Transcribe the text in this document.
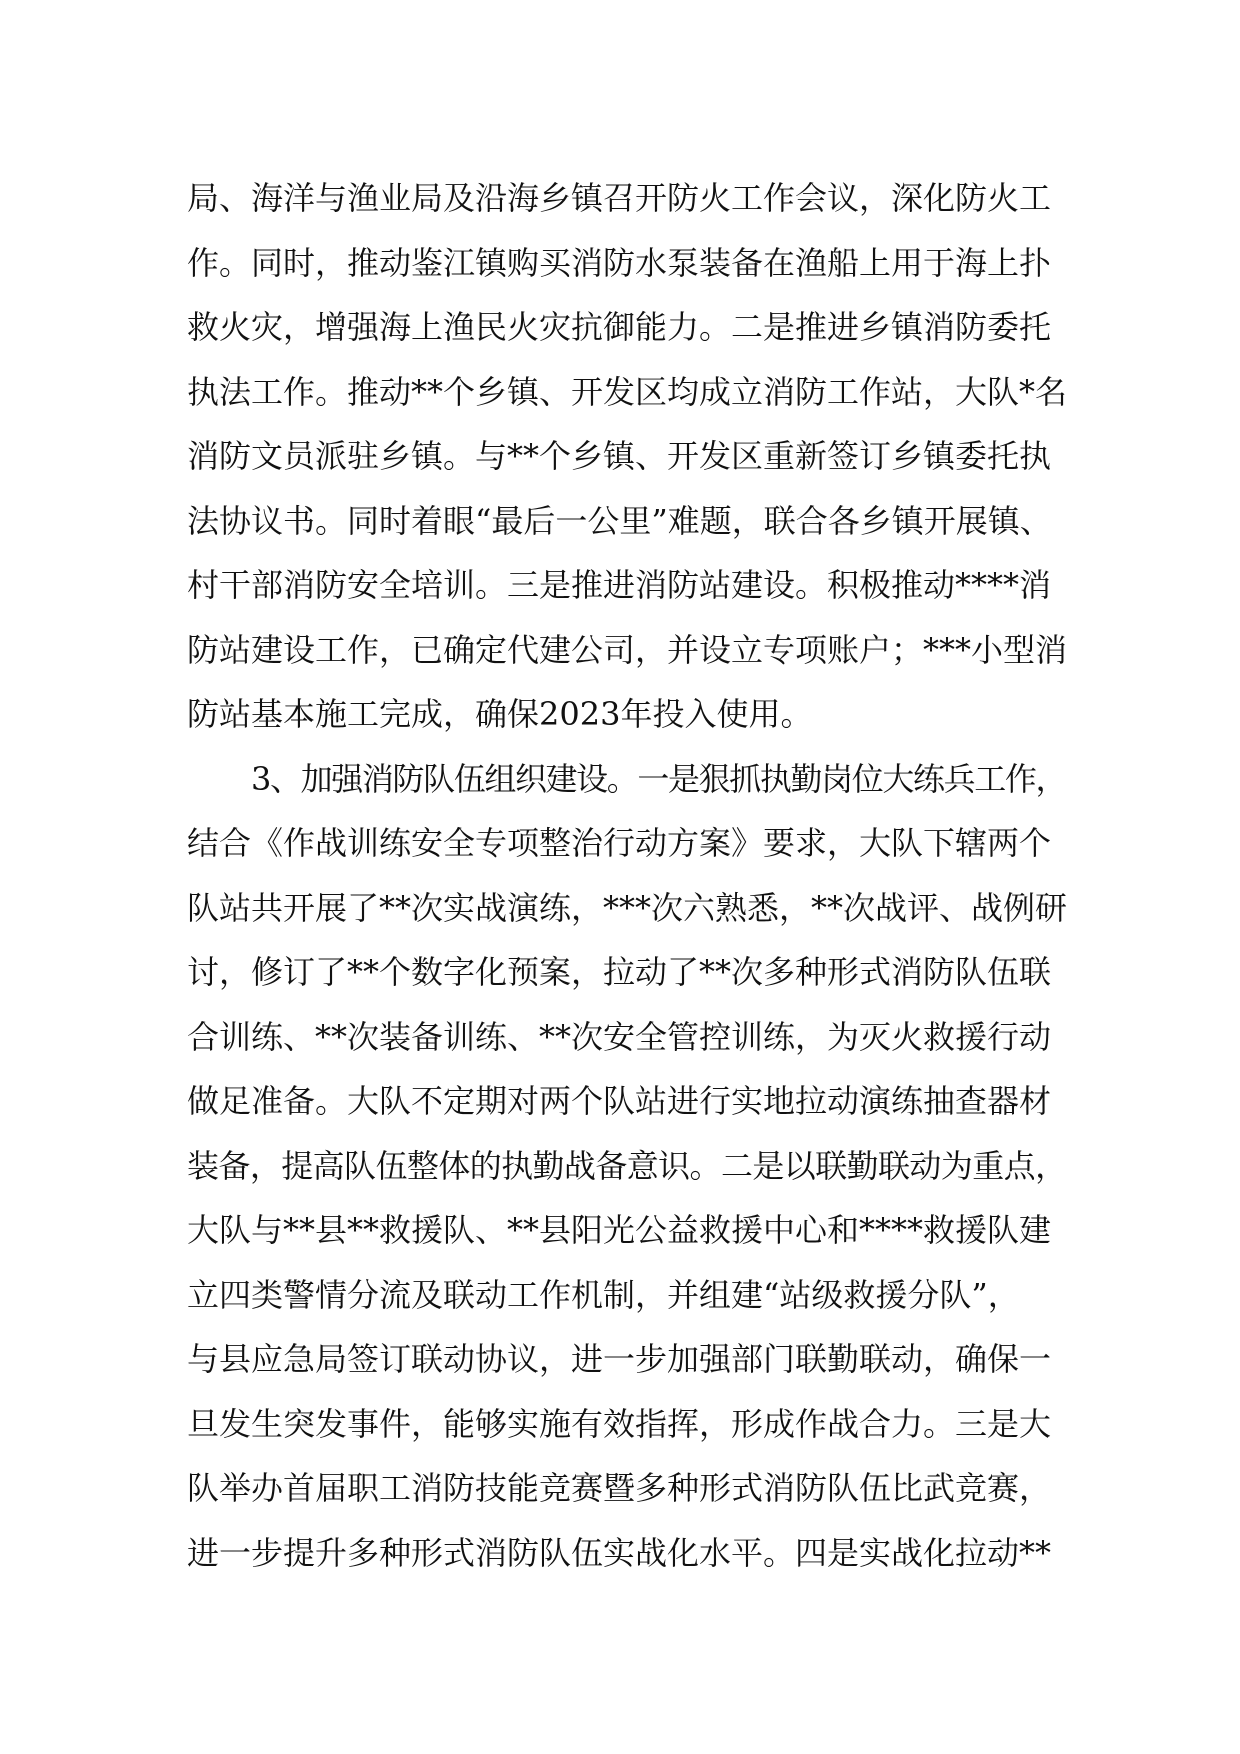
局、海洋与渔业局及沿海乡镇召开防火工作会议，深化防火工
作。同时，推动鉴江镇购买消防水泵装备在渔船上用于海上扑
救火灾，增强海上渔民火灾抗御能力。二是推进乡镇消防委托
执法工作。推动**个乡镇、开发区均成立消防工作站，大队*名
消防文员派驻乡镇。与**个乡镇、开发区重新签订乡镇委托执
法协议书。同时着眼“最后一公里”难题，联合各乡镇开展镇、
村干部消防安全培训。三是推进消防站建设。积极推动****消
防站建设工作，已确定代建公司，并设立专项账户；***小型消
防站基本施工完成，确保2023年投入使用。
3、加强消防队伍组织建设。一是狠抓执勤岗位大练兵工作，
结合《作战训练安全专项整治行动方案》要求，大队下辖两个
队站共开展了**次实战演练，***次六熟悉，**次战评、战例研
讨，修订了**个数字化预案，拉动了**次多种形式消防队伍联
合训练、**次装备训练、**次安全管控训练，为灭火救援行动
做足准备。大队不定期对两个队站进行实地拉动演练抽查器材
装备，提高队伍整体的执勤战备意识。二是以联勤联动为重点，
大队与**县**救援队、**县阳光公益救援中心和****救援队建
立四类警情分流及联动工作机制，并组建“站级救援分队”，
与县应急局签订联动协议，进一步加强部门联勤联动，确保一
旦发生突发事件，能够实施有效指挥，形成作战合力。三是大
队举办首届职工消防技能竞赛暨多种形式消防队伍比武竞赛，
进一步提升多种形式消防队伍实战化水平。四是实战化拉动**
